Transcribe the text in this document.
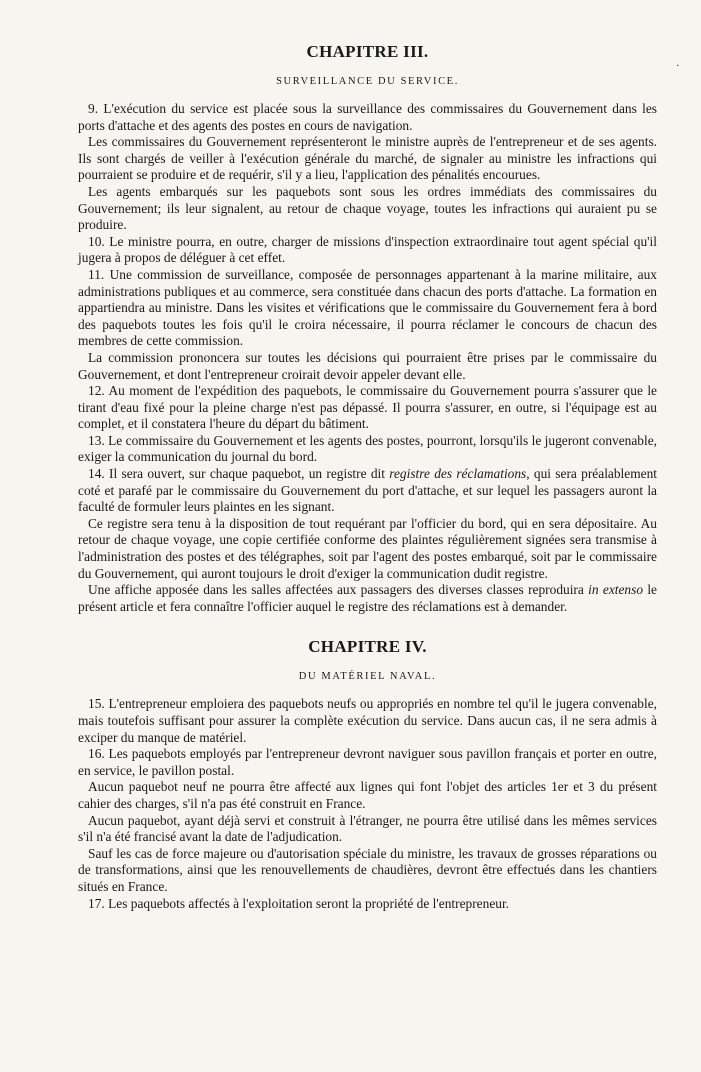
.
CHAPITRE III.
SURVEILLANCE DU SERVICE.

9. L'exécution du service est placée sous la surveillance des commissaires du Gouvernement dans les ports d'attache et des agents des postes en cours de navigation.

Les commissaires du Gouvernement représenteront le ministre auprès de l'entrepreneur et de ses agents. Ils sont chargés de veiller à l'exécution générale du marché, de signaler au ministre les infractions qui pourraient se produire et de requérir, s'il y a lieu, l'application des pénalités encourues.

Les agents embarqués sur les paquebots sont sous les ordres immédiats des commissaires du Gouvernement; ils leur signalent, au retour de chaque voyage, toutes les infractions qui auraient pu se produire.

10. Le ministre pourra, en outre, charger de missions d'inspection extraordinaire tout agent spécial qu'il jugera à propos de déléguer à cet effet.

11. Une commission de surveillance, composée de personnages appartenant à la marine militaire, aux administrations publiques et au commerce, sera constituée dans chacun des ports d'attache. La formation en appartiendra au ministre. Dans les visites et vérifications que le commissaire du Gouvernement fera à bord des paquebots toutes les fois qu'il le croira nécessaire, il pourra réclamer le concours de chacun des membres de cette commission.

La commission prononcera sur toutes les décisions qui pourraient être prises par le commissaire du Gouvernement, et dont l'entrepreneur croirait devoir appeler devant elle.

12. Au moment de l'expédition des paquebots, le commissaire du Gouvernement pourra s'assurer que le tirant d'eau fixé pour la pleine charge n'est pas dépassé. Il pourra s'assurer, en outre, si l'équipage est au complet, et il constatera l'heure du départ du bâtiment.

13. Le commissaire du Gouvernement et les agents des postes, pourront, lorsqu'ils le jugeront convenable, exiger la communication du journal du bord.

14. Il sera ouvert, sur chaque paquebot, un registre dit registre des réclamations, qui sera préalablement coté et parafé par le commissaire du Gouvernement du port d'attache, et sur lequel les passagers auront la faculté de formuler leurs plaintes en les signant.

Ce registre sera tenu à la disposition de tout requérant par l'officier du bord, qui en sera dépositaire. Au retour de chaque voyage, une copie certifiée conforme des plaintes régulièrement signées sera transmise à l'administration des postes et des télégraphes, soit par l'agent des postes embarqué, soit par le commissaire du Gouvernement, qui auront toujours le droit d'exiger la communication dudit registre.

Une affiche apposée dans les salles affectées aux passagers des diverses classes reproduira in extenso le présent article et fera connaître l'officier auquel le registre des réclamations est à demander.

CHAPITRE IV.
DU MATÉRIEL NAVAL.

15. L'entrepreneur emploiera des paquebots neufs ou appropriés en nombre tel qu'il le jugera convenable, mais toutefois suffisant pour assurer la complète exécution du service. Dans aucun cas, il ne sera admis à exciper du manque de matériel.

16. Les paquebots employés par l'entrepreneur devront naviguer sous pavillon français et porter en outre, en service, le pavillon postal.

Aucun paquebot neuf ne pourra être affecté aux lignes qui font l'objet des articles 1er et 3 du présent cahier des charges, s'il n'a pas été construit en France.

Aucun paquebot, ayant déjà servi et construit à l'étranger, ne pourra être utilisé dans les mêmes services s'il n'a été francisé avant la date de l'adjudication.

Sauf les cas de force majeure ou d'autorisation spéciale du ministre, les travaux de grosses réparations ou de transformations, ainsi que les renouvellements de chaudières, devront être effectués dans les chantiers situés en France.

17. Les paquebots affectés à l'exploitation seront la propriété de l'entrepreneur.
